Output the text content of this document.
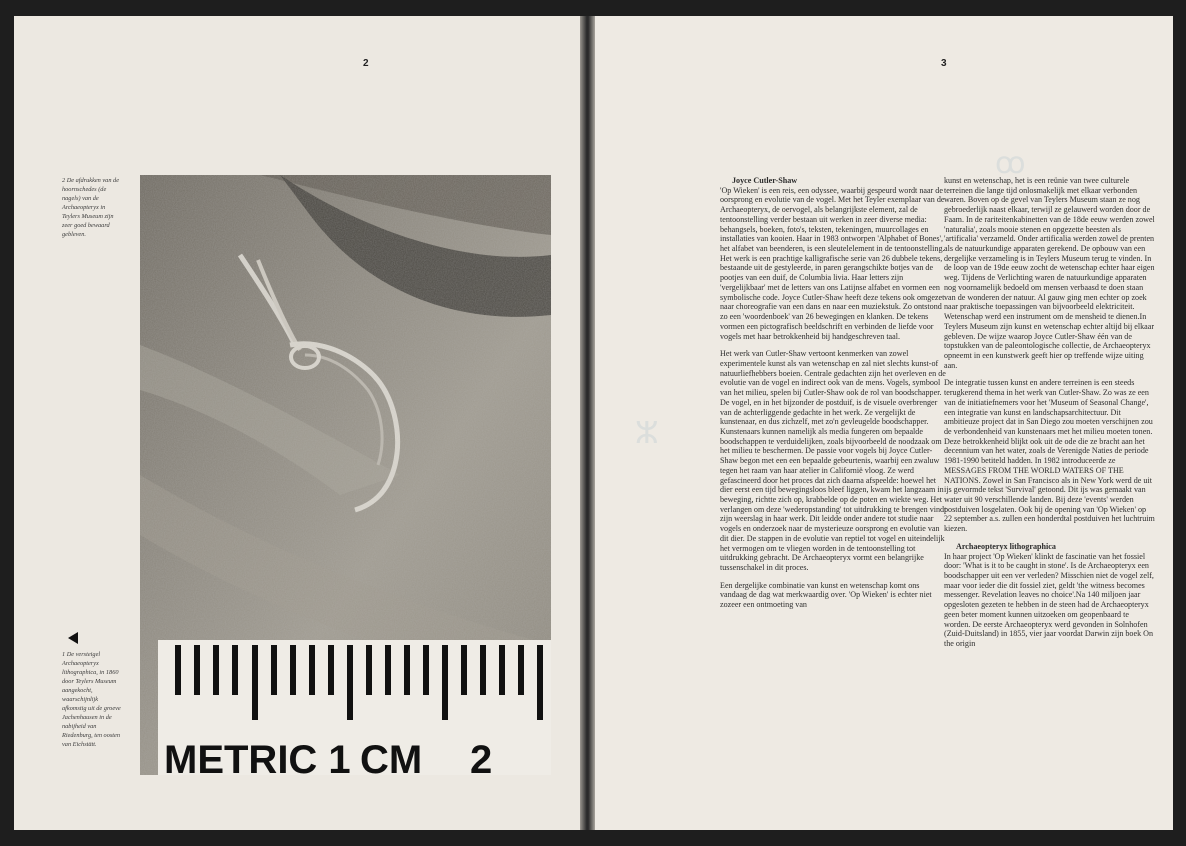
2
2 De afdrukken van de hoornschedes (de nagels) van de Archaeopteryx in Teylers Museum zijn zeer goed bewaard gebleven.
1 De versteigel Archaeopteryx lithographica, in 1860 door Teylers Museum aangekocht, waarschijnlijk afkomstig uit de groeve Jachenhausen in de nabijheid van Riedenburg, ten oosten van Eichstätt.	METRIC 1 CM 2
ꝏ
ⵣ
3
Joyce Cutler-Shaw

'Op Wieken' is een reis, een odyssee, waarbij gespeurd wordt naar de oorsprong en evolutie van de vogel. Met het Teyler exemplaar van de Archaeopteryx, de oervogel, als belangrijkste element, zal de tentoonstelling verder bestaan uit werken in zeer diverse media: behangsels, boeken, foto's, teksten, tekeningen, muurcollages en installaties van kooien. Haar in 1983 ontworpen 'Alphabet of Bones', het alfabet van beenderen, is een sleutelelement in de tentoonstelling. Het werk is een prachtige kalligrafische serie van 26 dubbele tekens, bestaande uit de gestyleerde, in paren gerangschikte botjes van de pootjes van een duif, de Columbia livia. Haar letters zijn 'vergelijkbaar' met de letters van ons Latijnse alfabet en vormen een symbolische code. Joyce Cutler-Shaw heeft deze tekens ook omgezet naar choreografie van een dans en naar een muziekstuk. Zo ontstond zo een 'woordenboek' van 26 bewegingen en klanken. De tekens vormen een pictografisch beeldschrift en verbinden de liefde voor vogels met haar betrokkenheid bij handgeschreven taal.

Het werk van Cutler-Shaw vertoont kenmerken van zowel experimentele kunst als van wetenschap en zal niet slechts kunst-of natuurliefhebbers boeien. Centrale gedachten zijn het overleven en de evolutie van de vogel en indirect ook van de mens. Vogels, symbool van het milieu, spelen bij Cutler-Shaw ook de rol van boodschapper. De vogel, en in het bijzonder de postduif, is de visuele overbrenger van de achterliggende gedachte in het werk. Ze vergelijkt de kunstenaar, en dus zichzelf, met zo'n gevleugelde boodschapper. Kunstenaars kunnen namelijk als media fungeren om bepaalde boodschappen te verduidelijken, zoals bijvoorbeeld de noodzaak om het milieu te beschermen. De passie voor vogels bij Joyce Cutler-Shaw begon met een een bepaalde gebeurtenis, waarbij een zwaluw tegen het raam van haar atelier in Californië vloog. Ze werd gefascineerd door het proces dat zich daarna afspeelde: hoewel het dier eerst een tijd bewegingsloos bleef liggen, kwam het langzaam in beweging, richtte zich op, krabbelde op de poten en wiekte weg. Het verlangen om deze 'wederopstanding' tot uitdrukking te brengen vindt zijn weerslag in haar werk. Dit leidde onder andere tot studie naar vogels en onderzoek naar de mysterieuze oorsprong en evolutie van dit dier. De stappen in de evolutie van reptiel tot vogel en uiteindelijk het vermogen om te vliegen worden in de tentoonstelling tot uitdrukking gebracht. De Archaeopteryx vormt een belangrijke tussenschakel in dit proces.

Een dergelijke combinatie van kunst en wetenschap komt ons vandaag de dag wat merkwaardig over. 'Op Wieken' is echter niet zozeer een ontmoeting van

kunst en wetenschap, het is een reünie van twee culturele terreinen die lange tijd onlosmakelijk met elkaar verbonden waren. Boven op de gevel van Teylers Museum staan ze nog gebroederlijk naast elkaar, terwijl ze gelauwerd worden door de Faam. In de rariteitenkabinetten van de 18de eeuw werden zowel 'naturalia', zoals mooie stenen en opgezette beesten als 'artificalia' verzameld. Onder artificalia werden zowel de prenten als de natuurkundige apparaten gerekend. De opbouw van een dergelijke verzameling is in Teylers Museum terug te vinden. In de loop van de 19de eeuw zocht de wetenschap echter haar eigen weg. Tijdens de Verlichting waren de natuurkundige apparaten nog voornamelijk bedoeld om mensen verbaasd te doen staan van de wonderen der natuur. Al gauw ging men echter op zoek naar praktische toepassingen van bijvoorbeeld elektriciteit. Wetenschap werd een instrument om de mensheid te dienen.In Teylers Museum zijn kunst en wetenschap echter altijd bij elkaar gebleven. De wijze waarop Joyce Cutler-Shaw één van de topstukken van de paleontologische collectie, de Archaeopteryx opneemt in een kunstwerk geeft hier op treffende wijze uiting aan.

De integratie tussen kunst en andere terreinen is een steeds terugkerend thema in het werk van Cutler-Shaw. Zo was ze een van de initiatiefnemers voor het 'Museum of Seasonal Change', een integratie van kunst en landschapsarchitectuur. Dit ambitieuze project dat in San Diego zou moeten verschijnen zou de verbondenheid van kunstenaars met het milieu moeten tonen. Deze betrokkenheid blijkt ook uit de ode die ze bracht aan het decennium van het water, zoals de Verenigde Naties de periode 1981-1990 betiteld hadden. In 1982 introduceerde ze MESSAGES FROM THE WORLD WATERS OF THE NATIONS. Zowel in San Francisco als in New York werd de uit ijs gevormde tekst 'Survival' getoond. Dit ijs was gemaakt van water uit 90 verschillende landen. Bij deze 'events' werden postduiven losgelaten. Ook bij de opening van 'Op Wieken' op 22 september a.s. zullen een honderdtal postduiven het luchtruim kiezen.

Archaeopteryx lithographica

In haar project 'Op Wieken' klinkt de fascinatie van het fossiel door: 'What is it to be caught in stone'. Is de Archaeopteryx een boodschapper uit een ver verleden? Misschien niet de vogel zelf, maar voor ieder die dit fossiel ziet, geldt 'the witness becomes messenger. Revelation leaves no choice'.Na 140 miljoen jaar opgesloten gezeten te hebben in de steen had de Archaeopteryx geen beter moment kunnen uitzoeken om geopenbaard te worden. De eerste Archaeopteryx werd gevonden in Solnhofen (Zuid-Duitsland) in 1855, vier jaar voordat Darwin zijn boek On the origin
